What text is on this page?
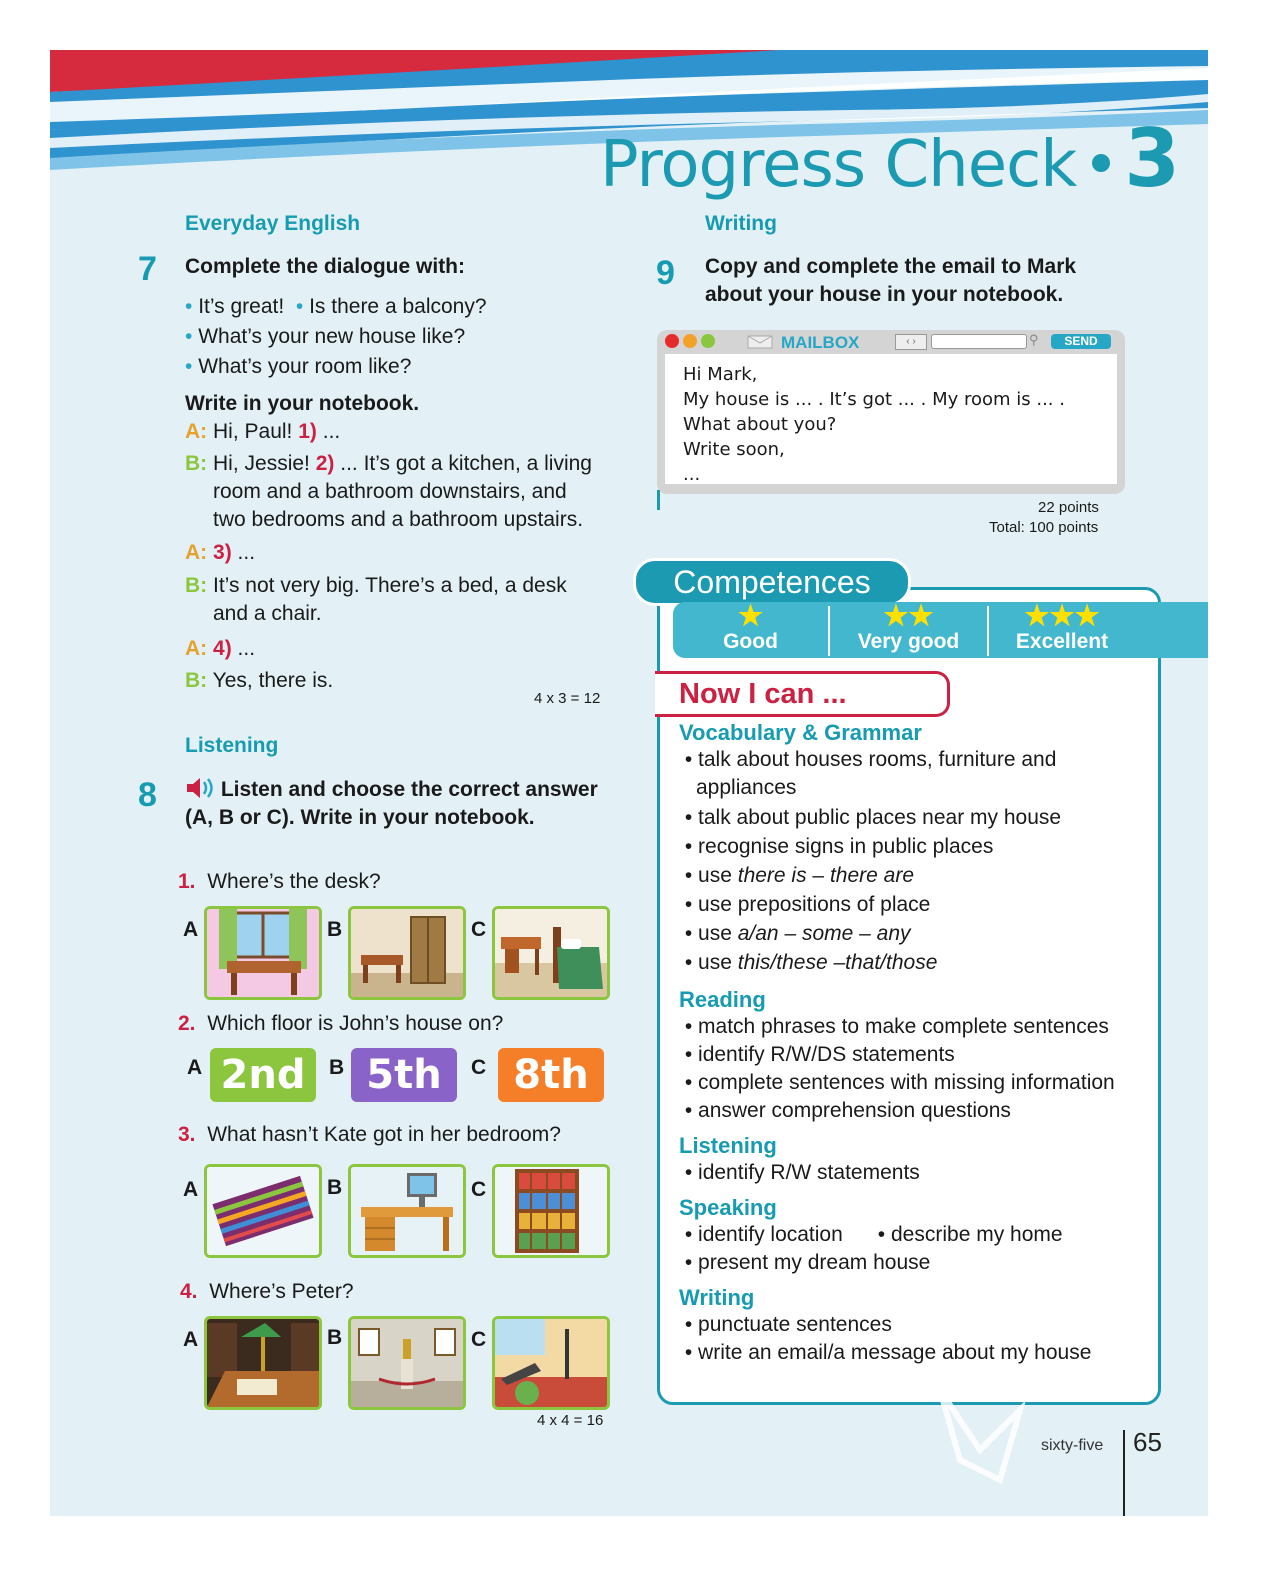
Progress Check 3
Everyday English
7 Complete the dialogue with:
• It’s great! • Is there a balcony?
• What’s your new house like?
• What’s your room like?
Write in your notebook.
A: Hi, Paul! 1) ...
B: Hi, Jessie! 2) ... It’s got a kitchen, a living
room and a bathroom downstairs, and
two bedrooms and a bathroom upstairs.
A: 3) ...
B: It’s not very big. There’s a bed, a desk
and a chair.
A: 4) ...
B: Yes, there is.
4 x 3 = 12
Listening
8	Listen and choose the correct answer
(A, B or C). Write in your notebook.
1. Where’s the desk?
A	B	C
2. Which floor is John’s house on?
A 2nd	B 5th	C 8th
3. What hasn’t Kate got in her bedroom?
A	B	C
4. Where’s Peter?
A	B	C
4 x 4 = 16
Writing
9 Copy and complete the email to Mark
about your house in your notebook.
MAILBOX	‹ ›	⚲	SEND
Hi Mark,
My house is ... . It’s got ... . My room is ... .
What about you?
Write soon,
...
22 points
Total: 100 points
Competences
★
Good
★★
Very good
★★★
Excellent
Now I can ...
Vocabulary & Grammar
• talk about houses rooms, furniture and
appliances
• talk about public places near my house
• recognise signs in public places
• use there is – there are
• use prepositions of place
• use a/an – some – any
• use this/these –that/those
Reading
• match phrases to make complete sentences
• identify R/W/DS statements
• complete sentences with missing information
• answer comprehension questions
Listening
• identify R/W statements
Speaking
• identify location      • describe my home
• present my dream house
Writing
• punctuate sentences
• write an email/a message about my house
sixty-five 65
